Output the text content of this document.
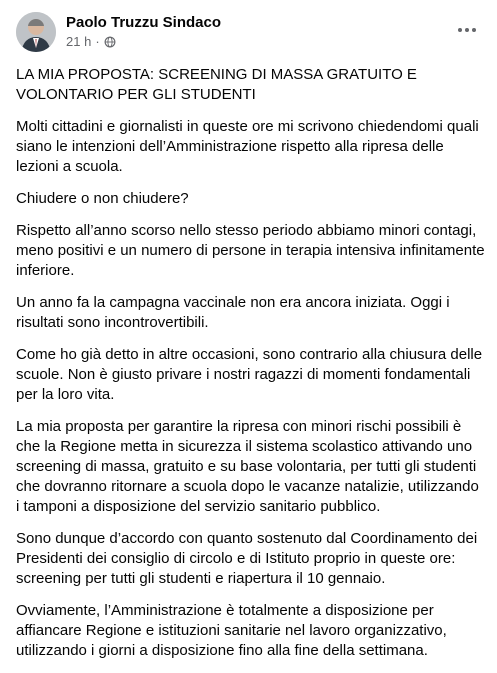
Paolo Truzzu Sindaco
21 h ·

LA MIA PROPOSTA: SCREENING DI MASSA GRATUITO E VOLONTARIO PER GLI STUDENTI

Molti cittadini e giornalisti in queste ore mi scrivono chiedendomi quali siano le intenzioni dell’Amministrazione rispetto alla ripresa delle lezioni a scuola.

Chiudere o non chiudere?

Rispetto all’anno scorso nello stesso periodo abbiamo minori contagi, meno positivi e un numero di persone in terapia intensiva infinitamente inferiore.

Un anno fa la campagna vaccinale non era ancora iniziata. Oggi i risultati sono incontrovertibili.

Come ho già detto in altre occasioni, sono contrario alla chiusura delle scuole. Non è giusto privare i nostri ragazzi di momenti fondamentali per la loro vita.

La mia proposta per garantire la ripresa con minori rischi possibili è che la Regione metta in sicurezza il sistema scolastico attivando uno screening di massa, gratuito e su base volontaria, per tutti gli studenti che dovranno ritornare a scuola dopo le vacanze natalizie, utilizzando i tamponi a disposizione del servizio sanitario pubblico.

Sono dunque d’accordo con quanto sostenuto dal Coordinamento dei Presidenti dei consiglio di circolo e di Istituto proprio in queste ore: screening per tutti gli studenti e riapertura il 10 gennaio.

Ovviamente, l’Amministrazione è totalmente a disposizione per affiancare Regione e istituzioni sanitarie nel lavoro organizzativo, utilizzando i giorni a disposizione fino alla fine della settimana.
